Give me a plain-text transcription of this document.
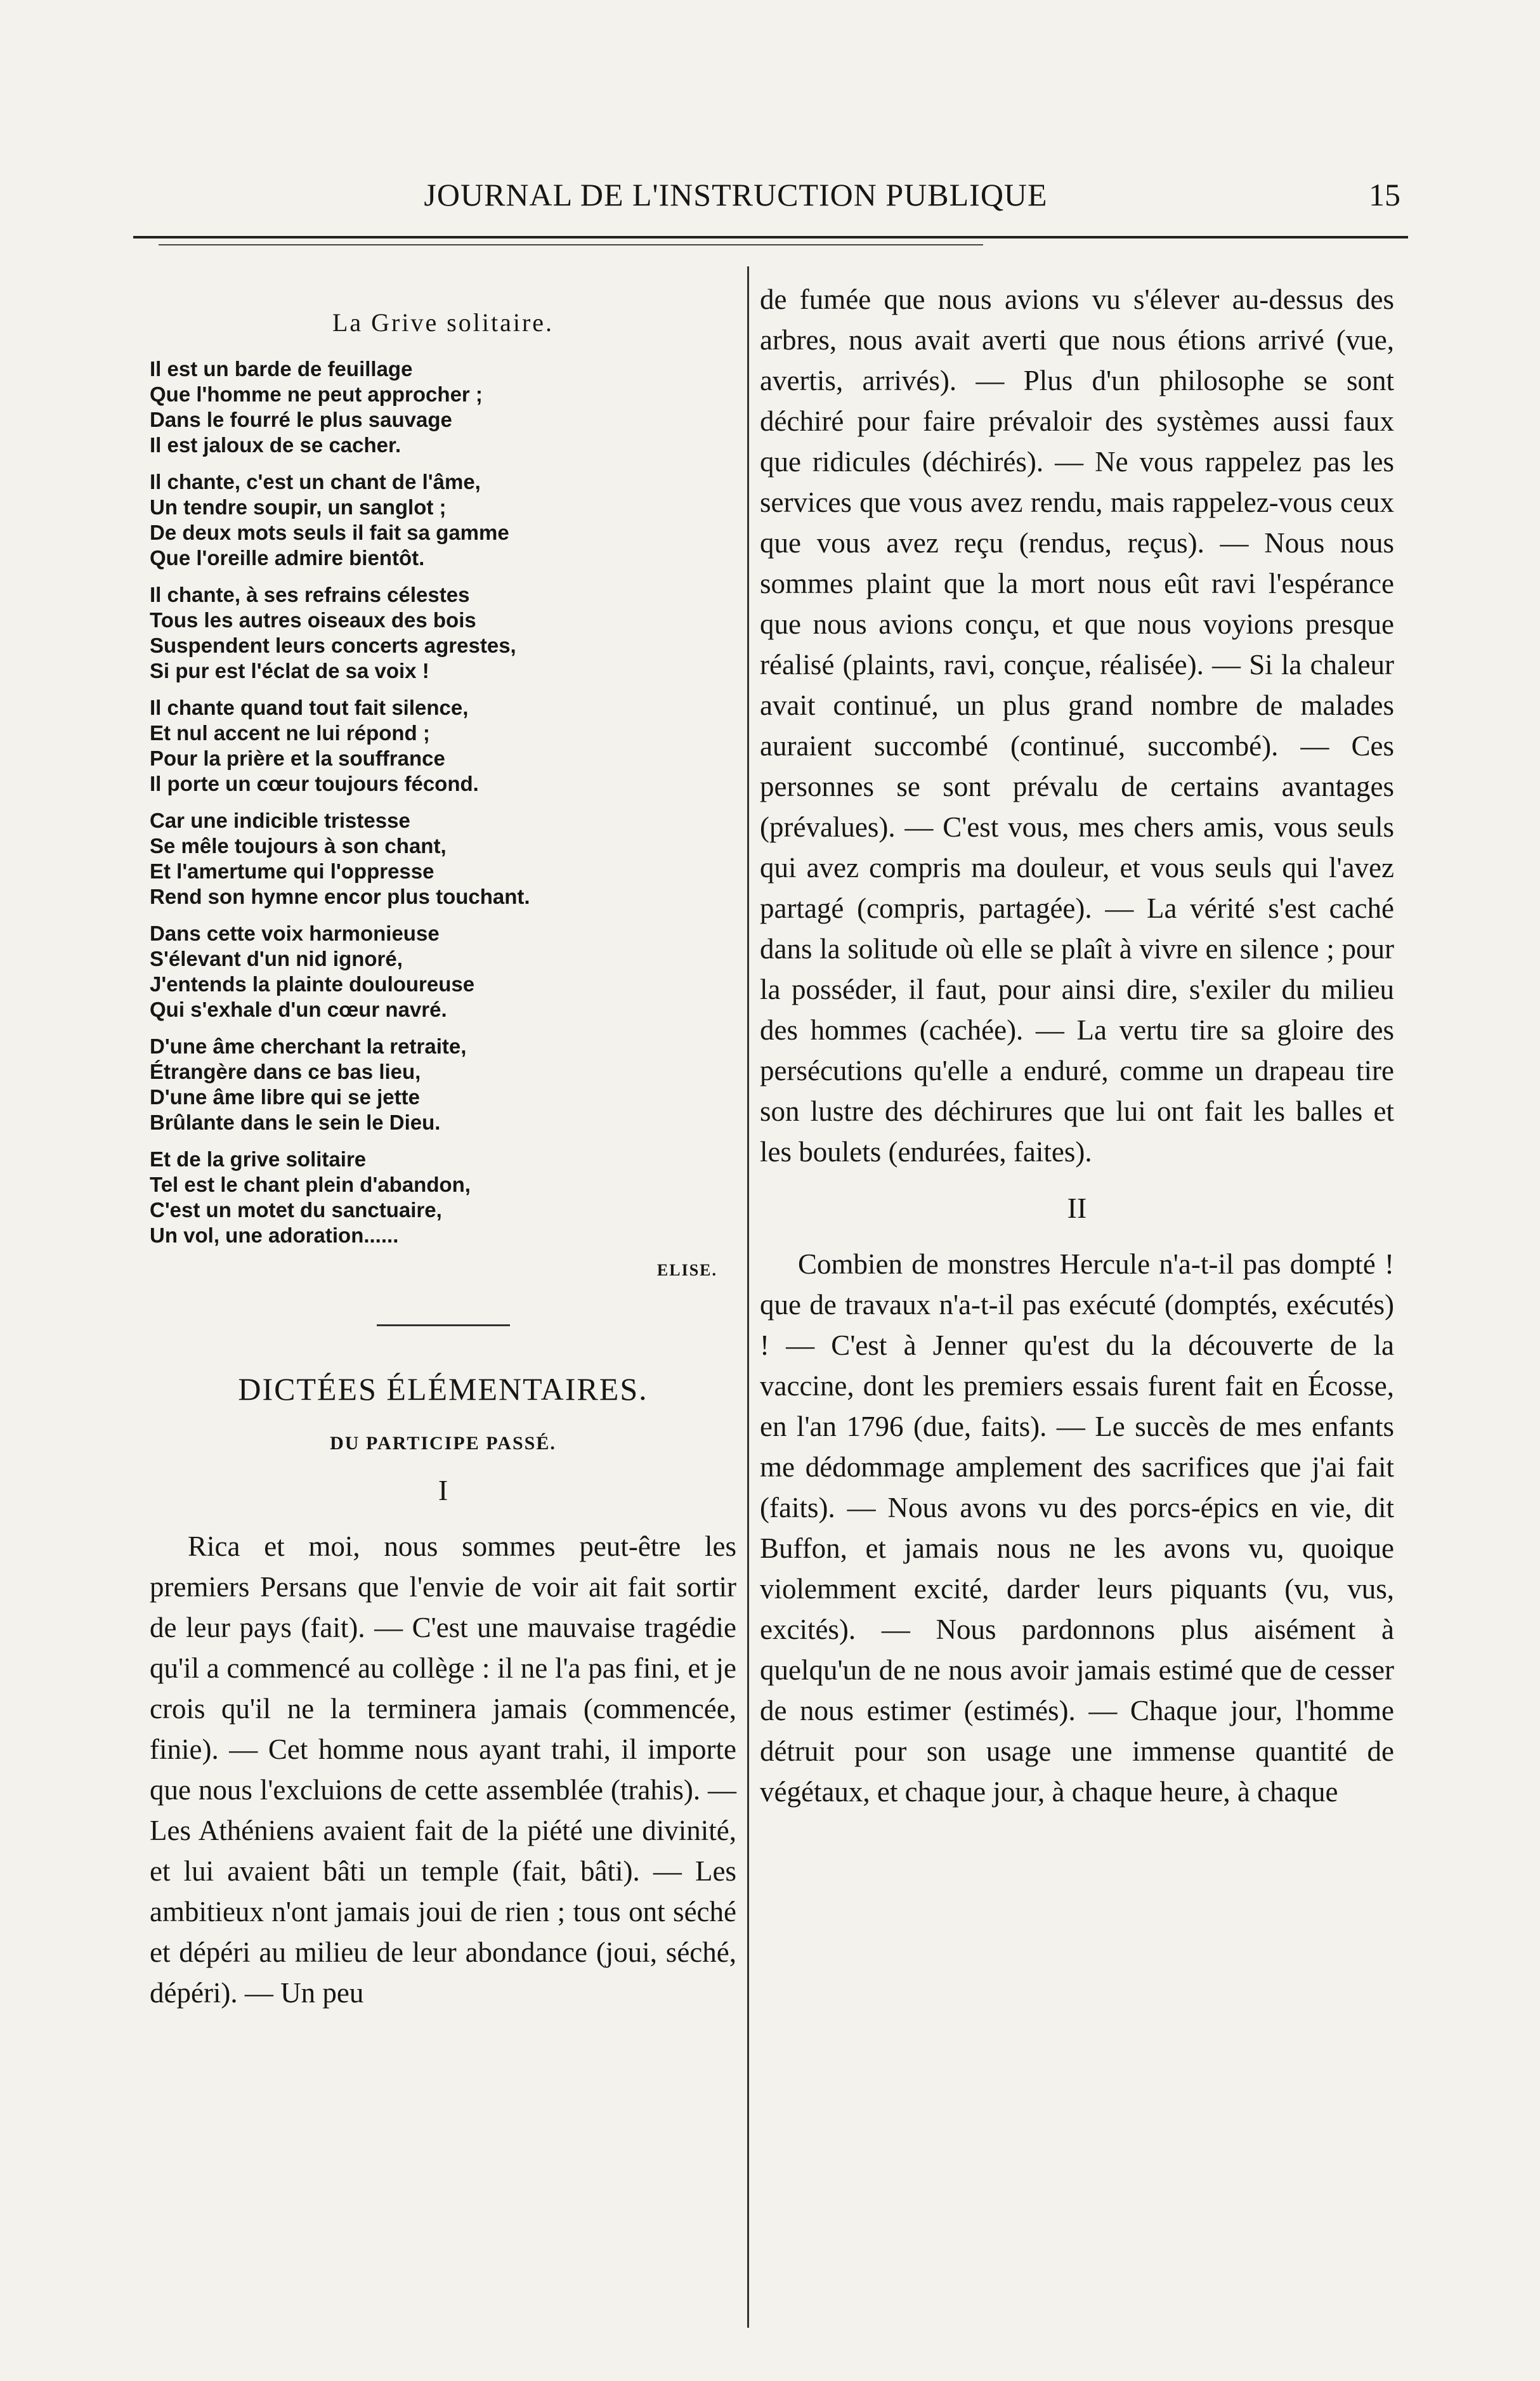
JOURNAL DE L'INSTRUCTION PUBLIQUE	15
La Grive solitaire.
Il est un barde de feuillage
Que l'homme ne peut approcher ;
Dans le fourré le plus sauvage
Il est jaloux de se cacher.
Il chante, c'est un chant de l'âme,
Un tendre soupir, un sanglot ;
De deux mots seuls il fait sa gamme
Que l'oreille admire bientôt.
Il chante, à ses refrains célestes
Tous les autres oiseaux des bois
Suspendent leurs concerts agrestes,
Si pur est l'éclat de sa voix !
Il chante quand tout fait silence,
Et nul accent ne lui répond ;
Pour la prière et la souffrance
Il porte un cœur toujours fécond.
Car une indicible tristesse
Se mêle toujours à son chant,
Et l'amertume qui l'oppresse
Rend son hymne encor plus touchant.
Dans cette voix harmonieuse
S'élevant d'un nid ignoré,
J'entends la plainte douloureuse
Qui s'exhale d'un cœur navré.
D'une âme cherchant la retraite,
Étrangère dans ce bas lieu,
D'une âme libre qui se jette
Brûlante dans le sein le Dieu.
Et de la grive solitaire
Tel est le chant plein d'abandon,
C'est un motet du sanctuaire,
Un vol, une adoration......
ELISE.
DICTÉES ÉLÉMENTAIRES.
DU PARTICIPE PASSÉ.
I

Rica et moi, nous sommes peut-être les premiers Persans que l'envie de voir ait fait sortir de leur pays (fait). — C'est une mauvaise tragédie qu'il a commencé au collège : il ne l'a pas fini, et je crois qu'il ne la terminera jamais (commencée, finie). — Cet homme nous ayant trahi, il importe que nous l'excluions de cette assemblée (trahis). — Les Athéniens avaient fait de la piété une divinité, et lui avaient bâti un temple (fait, bâti). — Les ambitieux n'ont jamais joui de rien ; tous ont séché et dépéri au milieu de leur abondance (joui, séché, dépéri). — Un peu

de fumée que nous avions vu s'élever au-dessus des arbres, nous avait averti que nous étions arrivé (vue, avertis, arrivés). — Plus d'un philosophe se sont déchiré pour faire prévaloir des systèmes aussi faux que ridicules (déchirés). — Ne vous rappelez pas les services que vous avez rendu, mais rappelez-vous ceux que vous avez reçu (rendus, reçus). — Nous nous sommes plaint que la mort nous eût ravi l'espérance que nous avions conçu, et que nous voyions presque réalisé (plaints, ravi, conçue, réalisée). — Si la chaleur avait continué, un plus grand nombre de malades auraient succombé (continué, succombé). — Ces personnes se sont prévalu de certains avantages (prévalues). — C'est vous, mes chers amis, vous seuls qui avez compris ma douleur, et vous seuls qui l'avez partagé (compris, partagée). — La vérité s'est caché dans la solitude où elle se plaît à vivre en silence ; pour la posséder, il faut, pour ainsi dire, s'exiler du milieu des hommes (cachée). — La vertu tire sa gloire des persécutions qu'elle a enduré, comme un drapeau tire son lustre des déchirures que lui ont fait les balles et les boulets (endurées, faites).

II

Combien de monstres Hercule n'a-t-il pas dompté ! que de travaux n'a-t-il pas exécuté (domptés, exécutés) ! — C'est à Jenner qu'est du la découverte de la vaccine, dont les premiers essais furent fait en Écosse, en l'an 1796 (due, faits). — Le succès de mes enfants me dédommage amplement des sacrifices que j'ai fait (faits). — Nous avons vu des porcs-épics en vie, dit Buffon, et jamais nous ne les avons vu, quoique violemment excité, darder leurs piquants (vu, vus, excités). — Nous pardonnons plus aisément à quelqu'un de ne nous avoir jamais estimé que de cesser de nous estimer (estimés). — Chaque jour, l'homme détruit pour son usage une immense quantité de végétaux, et chaque jour, à chaque heure, à chaque
